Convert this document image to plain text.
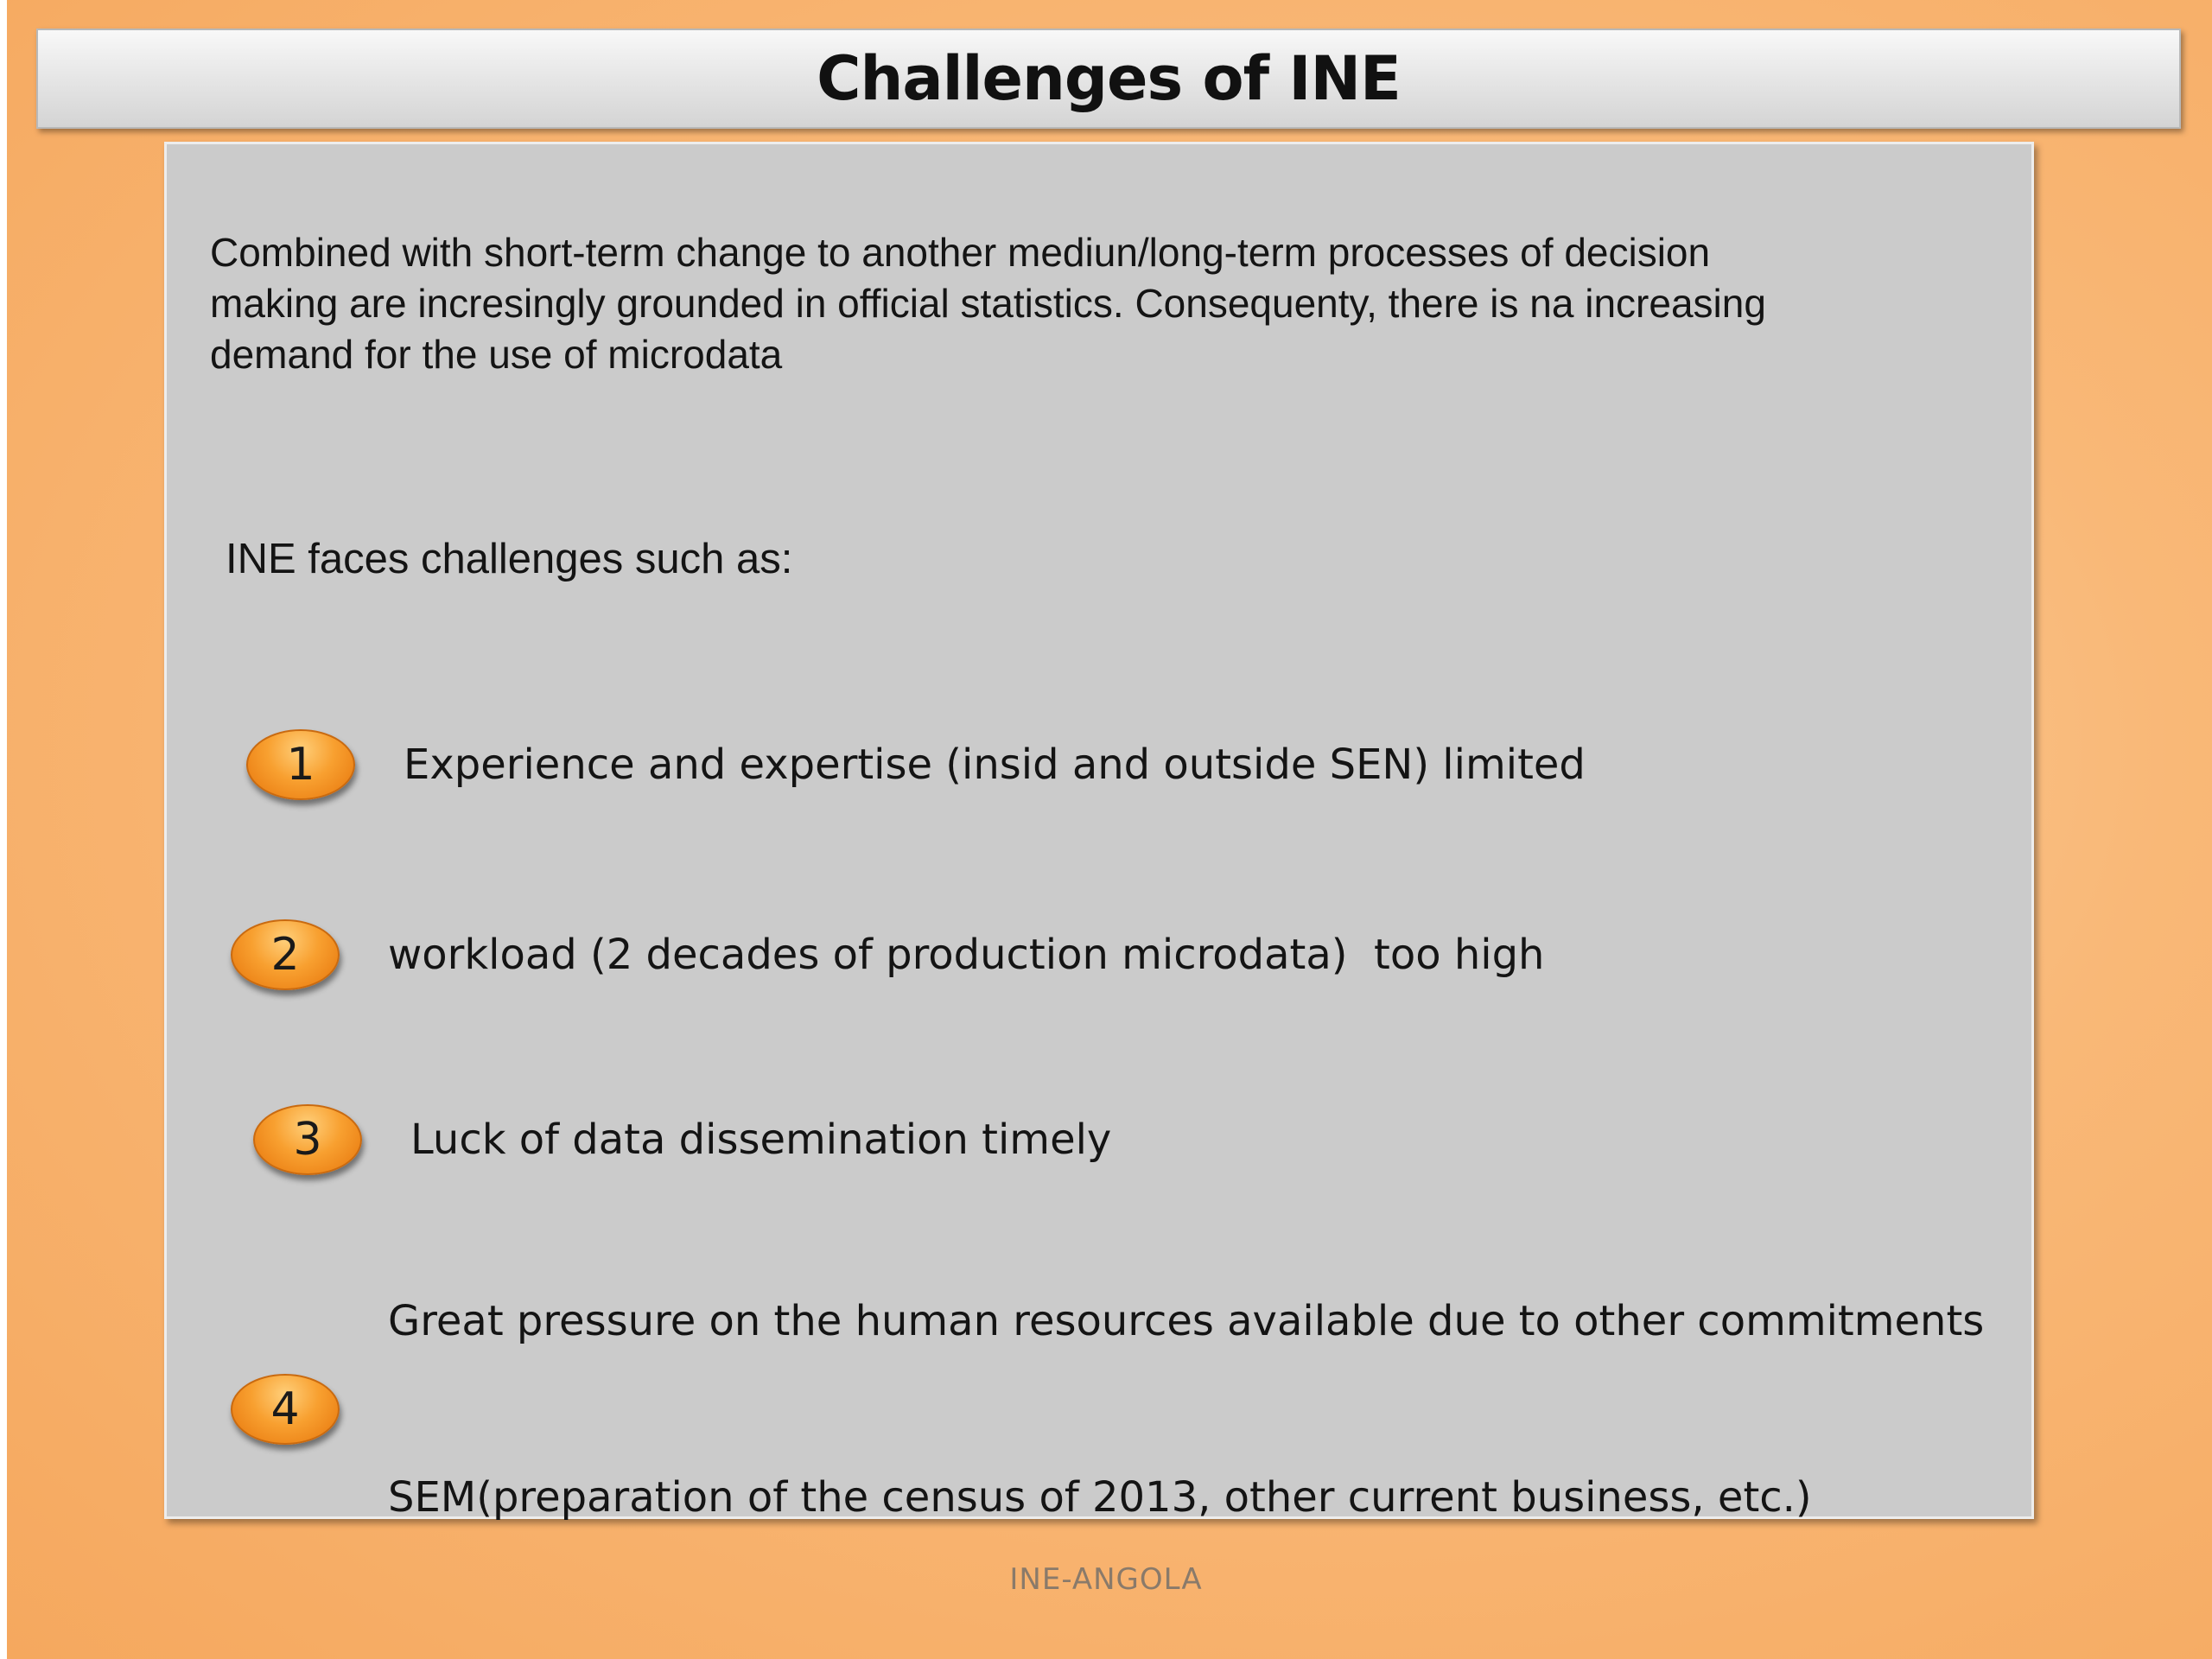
Challenges of INE
Combined with short-term change to another mediun/long-term processes of decision
making are incresingly grounded in official statistics. Consequenty, there is na increasing
demand for the use of microdata
INE faces challenges such as:
1

Experience and expertise (insid and outside SEN) limited

2

workload (2 decades of production microdata)  too high

3

Luck of data dissemination timely

4

Great pressure on the human resources available due to other commitments

SEM(preparation of the census of 2013, other current business, etc.)

INE-ANGOLA
